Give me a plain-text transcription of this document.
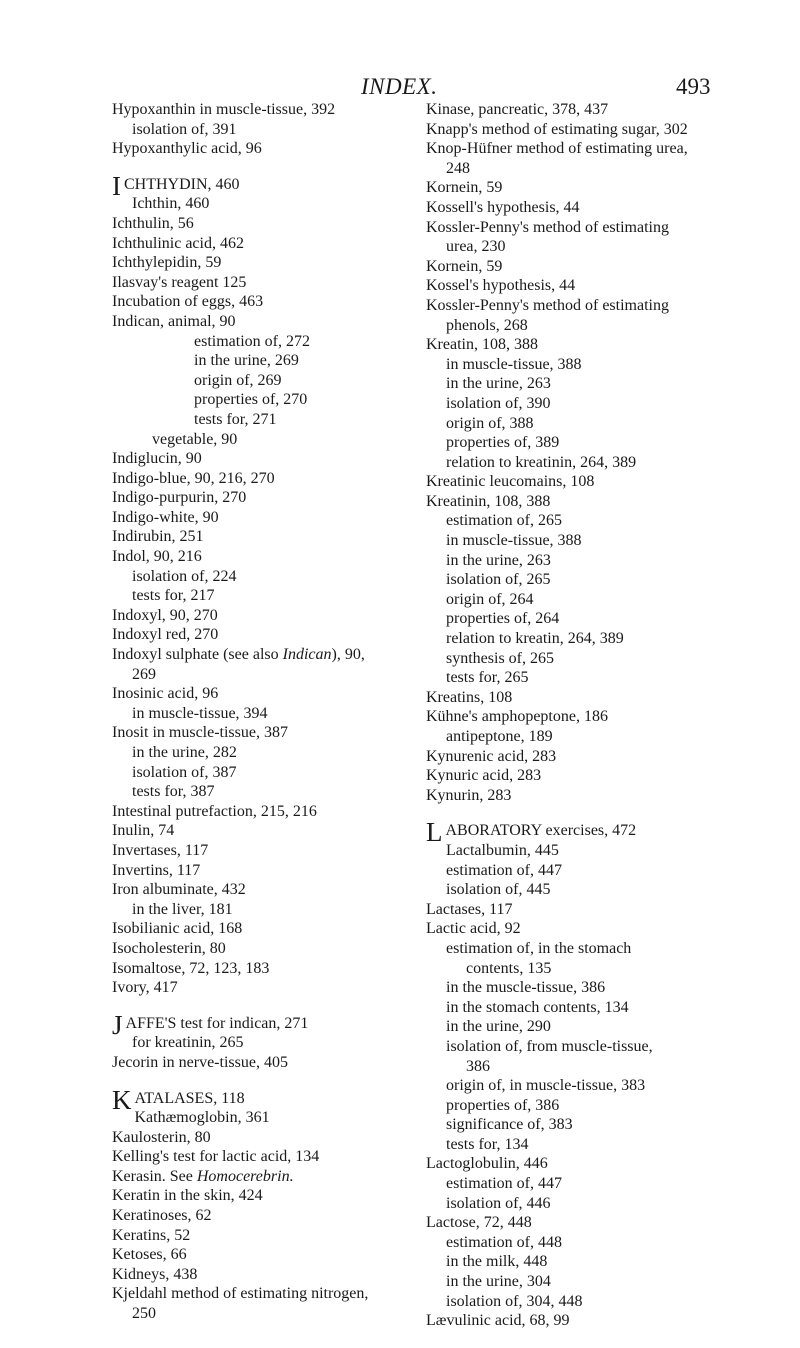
INDEX.	493
Hypoxanthin in muscle-tissue, 392
isolation of, 391
Hypoxanthylic acid, 96
ICHTHYDIN, 460
Ichthin, 460
Ichthulin, 56
Ichthulinic acid, 462
Ichthylepidin, 59
Ilasvay's reagent 125
Incubation of eggs, 463
Indican, animal, 90
estimation of, 272
in the urine, 269
origin of, 269
properties of, 270
tests for, 271
vegetable, 90
Indiglucin, 90
Indigo-blue, 90, 216, 270
Indigo-purpurin, 270
Indigo-white, 90
Indirubin, 251
Indol, 90, 216
isolation of, 224
tests for, 217
Indoxyl, 90, 270
Indoxyl red, 270
Indoxyl sulphate (see also Indican), 90,
269
Inosinic acid, 96
in muscle-tissue, 394
Inosit in muscle-tissue, 387
in the urine, 282
isolation of, 387
tests for, 387
Intestinal putrefaction, 215, 216
Inulin, 74
Invertases, 117
Invertins, 117
Iron albuminate, 432
in the liver, 181
Isobilianic acid, 168
Isocholesterin, 80
Isomaltose, 72, 123, 183
Ivory, 417
JAFFE'S test for indican, 271
for kreatinin, 265
Jecorin in nerve-tissue, 405
KATALASES, 118
Kathæmoglobin, 361
Kaulosterin, 80
Kelling's test for lactic acid, 134
Kerasin. See Homocerebrin.
Keratin in the skin, 424
Keratinoses, 62
Keratins, 52
Ketoses, 66
Kidneys, 438
Kjeldahl method of estimating nitrogen,
250
Kinase, pancreatic, 378, 437
Knapp's method of estimating sugar, 302
Knop-Hüfner method of estimating urea,
248
Kornein, 59
Kossell's hypothesis, 44
Kossler-Penny's method of estimating
urea, 230
Kornein, 59
Kossel's hypothesis, 44
Kossler-Penny's method of estimating
phenols, 268
Kreatin, 108, 388
in muscle-tissue, 388
in the urine, 263
isolation of, 390
origin of, 388
properties of, 389
relation to kreatinin, 264, 389
Kreatinic leucomains, 108
Kreatinin, 108, 388
estimation of, 265
in muscle-tissue, 388
in the urine, 263
isolation of, 265
origin of, 264
properties of, 264
relation to kreatin, 264, 389
synthesis of, 265
tests for, 265
Kreatins, 108
Kühne's amphopeptone, 186
antipeptone, 189
Kynurenic acid, 283
Kynuric acid, 283
Kynurin, 283
LABORATORY exercises, 472
Lactalbumin, 445
estimation of, 447
isolation of, 445
Lactases, 117
Lactic acid, 92
estimation of, in the stomach
contents, 135
in the muscle-tissue, 386
in the stomach contents, 134
in the urine, 290
isolation of, from muscle-tissue,
386
origin of, in muscle-tissue, 383
properties of, 386
significance of, 383
tests for, 134
Lactoglobulin, 446
estimation of, 447
isolation of, 446
Lactose, 72, 448
estimation of, 448
in the milk, 448
in the urine, 304
isolation of, 304, 448
Lævulinic acid, 68, 99
